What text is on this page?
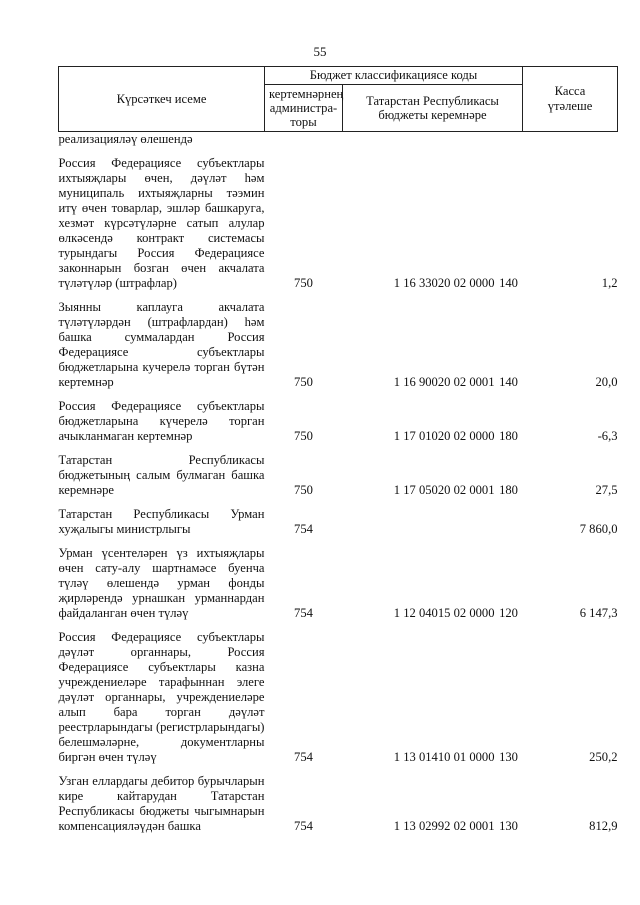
55
Күрсәткеч исеме	Бюджет классификациясе коды			Касса үтәлеше
	кертемнәрнең администра-торы	Татарстан Республикасы бюджеты керемнәре		
реализацияләү өлешендә				
Россия Федерациясе субъектлары ихтыяҗлары өчен, дәүләт һәм муниципаль ихтыяҗларны тәэмин итү өчен товарлар, эшләр башкаруга, хезмәт күрсәтүләрне сатып алулар өлкәсендә контракт системасы турындагы Россия Федерациясе законнарын бозган өчен акчалата түләтүләр (штрафлар)	750	1 16 33020 02 0000	140	1,2
Зыянны каплауга акчалата түләтүләрдән (штрафлардан) һәм башка суммалардан Россия Федерациясе субъектлары бюджетларына кучерелә торган бүтән кертемнәр	750	1 16 90020 02 0001	140	20,0
Россия Федерациясе субъектлары бюджетларына күчерелә торган ачыкланмаган кертемнәр	750	1 17 01020 02 0000	180	-6,3
Татарстан Республикасы бюджетының салым булмаган башка керемнәре	750	1 17 05020 02 0001	180	27,5
Татарстан Республикасы Урман хуҗалыгы министрлыгы	754			7 860,0
Урман үсентеләрен үз ихтыяҗлары өчен сату-алу шартнамәсе буенча түләү өлешендә урман фонды җирләрендә урнашкан урманнардан файдаланган өчен түләү	754	1 12 04015 02 0000	120	6 147,3
Россия Федерациясе субъектлары дәүләт органнары, Россия Федерациясе субъектлары казна учреждениеләре тарафыннан элеге дәүләт органнары, учреждениеләре алып бара торган дәүләт реестрларындагы (регистрларындагы) белешмәләрне, документларны биргән өчен түләү	754	1 13 01410 01 0000	130	250,2
Узган еллардагы дебитор бурычларын кире кайтарудан Татарстан Республикасы бюджеты чыгымнарын компенсацияләүдән башка	754	1 13 02992 02 0001	130	812,9
